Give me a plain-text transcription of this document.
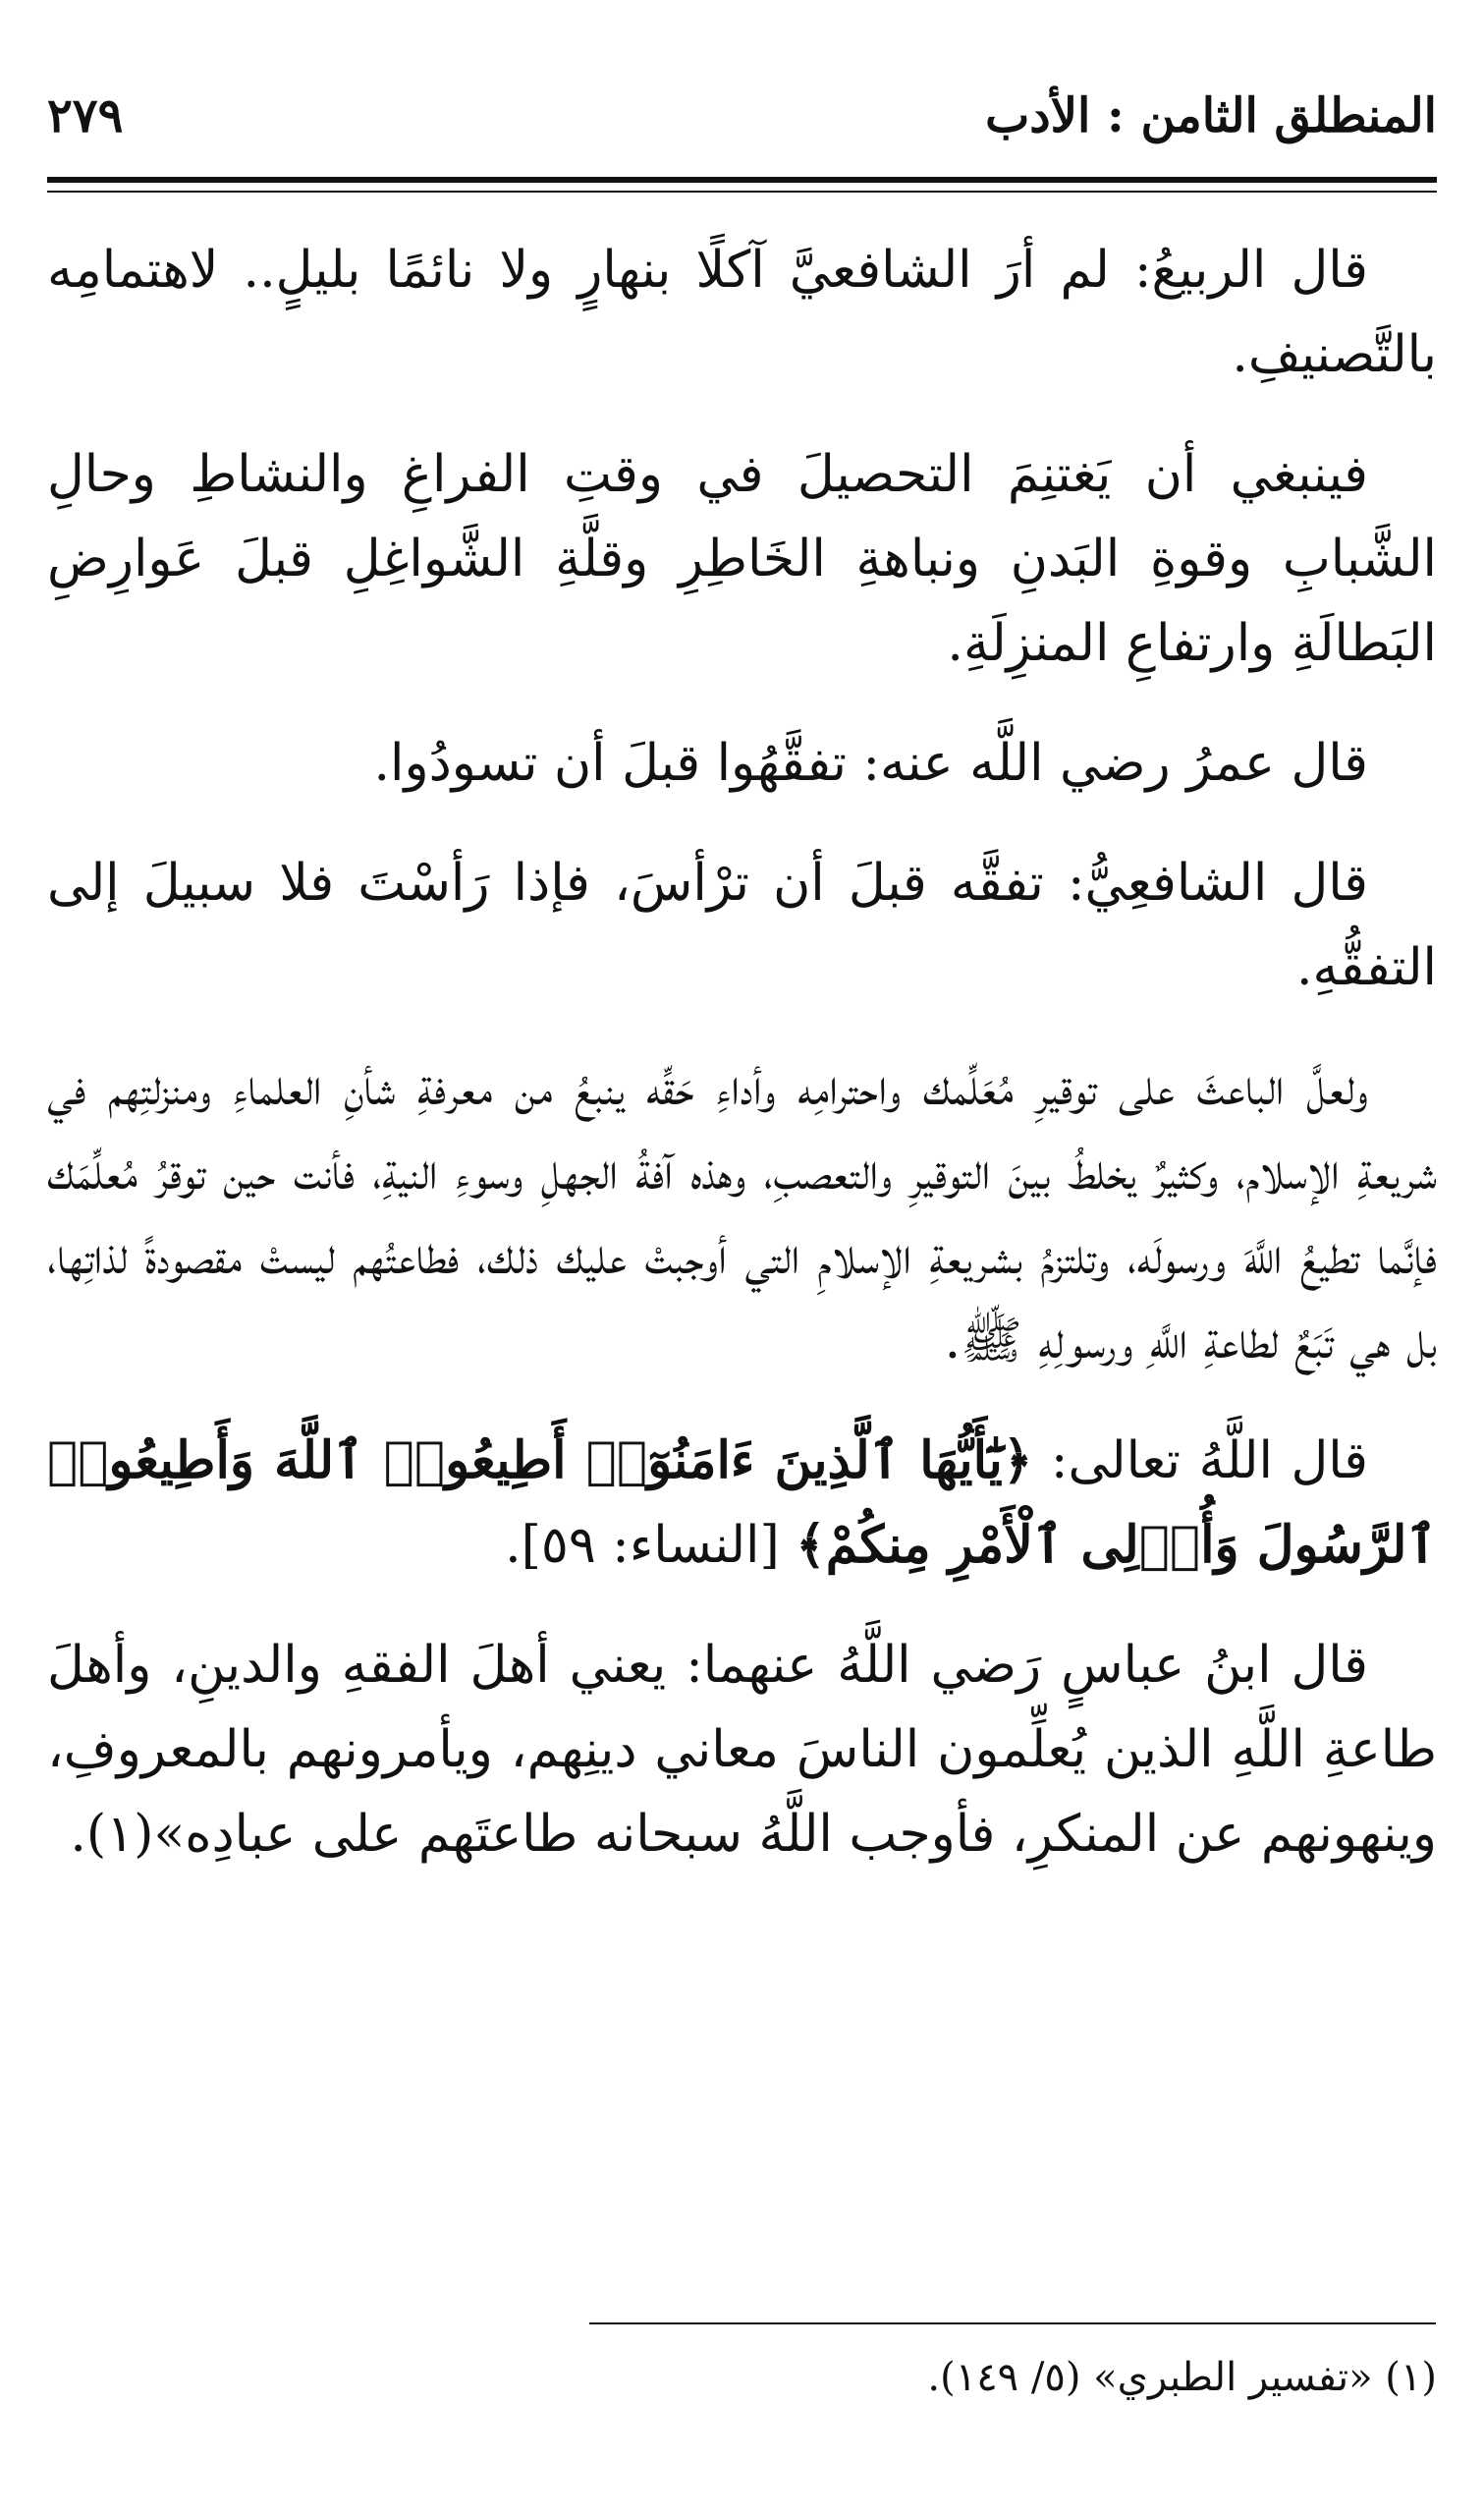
المنطلق الثامن : الأدب
٢٧٩

قال الربيعُ: لم أرَ الشافعيَّ آكلًا بنهارٍ ولا نائمًا بليلٍ.. لاهتمامِه بالتَّصنيفِ.

فينبغي أن يَغتنِمَ التحصيلَ في وقتِ الفراغِ والنشاطِ وحالِ الشَّبابِ وقوةِ البَدنِ ونباهةِ الخَاطِرِ وقلَّةِ الشَّواغِلِ قبلَ عَوارِضِ البَطالَةِ وارتفاعِ المنزِلَةِ.

قال عمرُ رضي اللَّه عنه: تفقَّهُوا قبلَ أن تسودُوا.

قال الشافعِيُّ: تفقَّه قبلَ أن ترْأسَ، فإذا رَأسْتَ فلا سبيلَ إلى التفقُّهِ.

ولعلَّ الباعثَ على توقيرِ مُعَلِّمك واحترامِه وأداءِ حَقِّه ينبعُ من معرفةِ شأنِ العلماءِ ومنزلتِهم في شريعةِ الإسلام، وكثيرٌ يخلطُ بينَ التوقيرِ والتعصبِ، وهذه آفةُ الجهلِ وسوءِ النيةِ، فأنت حين توقرُ مُعلِّمَك فإنَّما تطيعُ اللَّهَ ورسولَه، وتلتزمُ بشريعةِ الإسلامِ التي أوجبتْ عليك ذلك، فطاعتُهم ليستْ مقصودةً لذاتِها، بل هي تَبَعٌ لطاعةِ اللَّهِ ورسولِهِ ﷺ.

قال اللَّهُ تعالى: ﴿يَٰٓأَيُّهَا ٱلَّذِينَ ءَامَنُوٓا۟ أَطِيعُوا۟ ٱللَّهَ وَأَطِيعُوا۟ ٱلرَّسُولَ وَأُو۟لِى ٱلْأَمْرِ مِنكُمْ﴾ [النساء: ٥٩].

قال ابنُ عباسٍ رَضي اللَّهُ عنهما: يعني أهلَ الفقهِ والدينِ، وأهلَ طاعةِ اللَّهِ الذين يُعلِّمون الناسَ معاني دينِهم، ويأمرونهم بالمعروفِ، وينهونهم عن المنكرِ، فأوجب اللَّهُ سبحانه طاعتَهم على عبادِه»(١).

(١) «تفسير الطبري» (٥/ ١٤٩).
